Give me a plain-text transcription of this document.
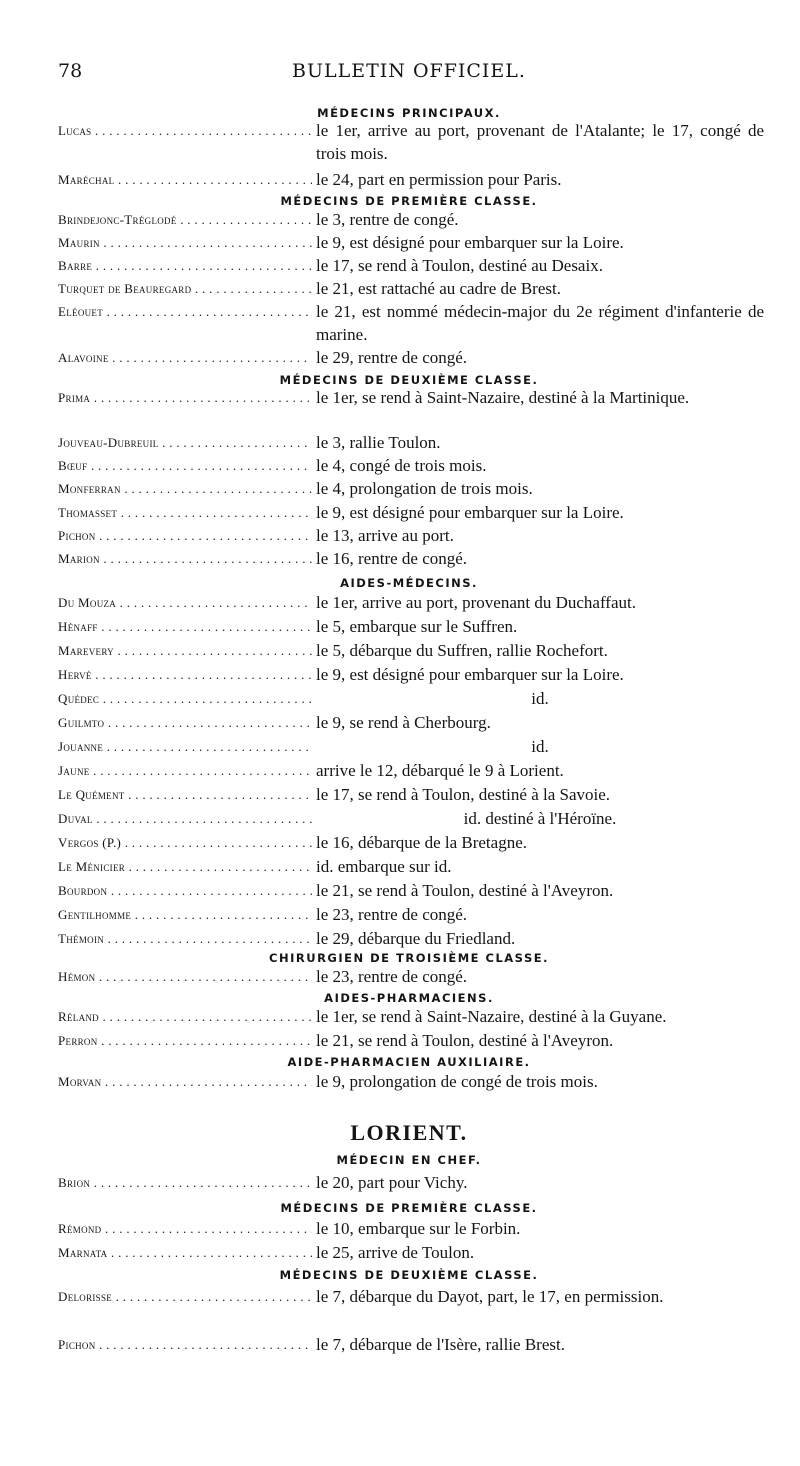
78	BULLETIN OFFICIEL.
MÉDECINS PRINCIPAUX.
Lucas . . .	le 1er, arrive au port, provenant de l'Atalante; le 17, congé de trois mois.
Maréchal . . .	le 24, part en permission pour Paris.
MÉDECINS DE PREMIÈRE CLASSE.
Brindejonc-Tréglodé . . .	le 3, rentre de congé.
Maurin . . .	le 9, est désigné pour embarquer sur la Loire.
Barre . . .	le 17, se rend à Toulon, destiné au Desaix.
Turquet de Beauregard . . .	le 21, est rattaché au cadre de Brest.
Eléouet . . .	le 21, est nommé médecin-major du 2e régiment d'infanterie de marine.
Alavoine . . .	le 29, rentre de congé.
MÉDECINS DE DEUXIÈME CLASSE.
Prima . . .	le 1er, se rend à Saint-Nazaire, destiné à la Martinique.
Jouveau-Dubreuil . . .	le 3, rallie Toulon.
Bœuf . . .	le 4, congé de trois mois.
Monferran . . .	le 4, prolongation de trois mois.
Thomasset . . .	le 9, est désigné pour embarquer sur la Loire.
Pichon . . .	le 13, arrive au port.
Marion . . .	le 16, rentre de congé.
AIDES-MÉDECINS.
Du Mouza . . .	le 1er, arrive au port, provenant du Duchaffaut.
Hénaff . . .	le 5, embarque sur le Suffren.
Marevery . . .	le 5, débarque du Suffren, rallie Rochefort.
Hervé . . .	le 9, est désigné pour embarquer sur la Loire.
Quédec . . .	id.
Guilmto . . .	le 9, se rend à Cherbourg.
Jouanne . . .	id.
Jaune . . .	arrive le 12, débarqué le 9 à Lorient.
Le Quément . . .	le 17, se rend à Toulon, destiné à la Savoie.
Duval . . .	id. destiné à l'Héroïne.
Vergos (P.) . . .	le 16, débarque de la Bretagne.
Le Ménicier . . .	id. embarque sur id.
Bourdon . . .	le 21, se rend à Toulon, destiné à l'Aveyron.
Gentilhomme . . .	le 23, rentre de congé.
Thémoin . . .	le 29, débarque du Friedland.
CHIRURGIEN DE TROISIÈME CLASSE.
Hémon . . .	le 23, rentre de congé.
AIDES-PHARMACIENS.
Réland . . .	le 1er, se rend à Saint-Nazaire, destiné à la Guyane.
Perron . . .	le 21, se rend à Toulon, destiné à l'Aveyron.
AIDE-PHARMACIEN AUXILIAIRE.
Morvan . . .	le 9, prolongation de congé de trois mois.
LORIENT.
MÉDECIN EN CHEF.
Brion . . .	le 20, part pour Vichy.
MÉDECINS DE PREMIÈRE CLASSE.
Rémond . . .	le 10, embarque sur le Forbin.
Marnata . . .	le 25, arrive de Toulon.
MÉDECINS DE DEUXIÈME CLASSE.
Delorisse . . .	le 7, débarque du Dayot, part, le 17, en permission.
Pichon . . .	le 7, débarque de l'Isère, rallie Brest.
